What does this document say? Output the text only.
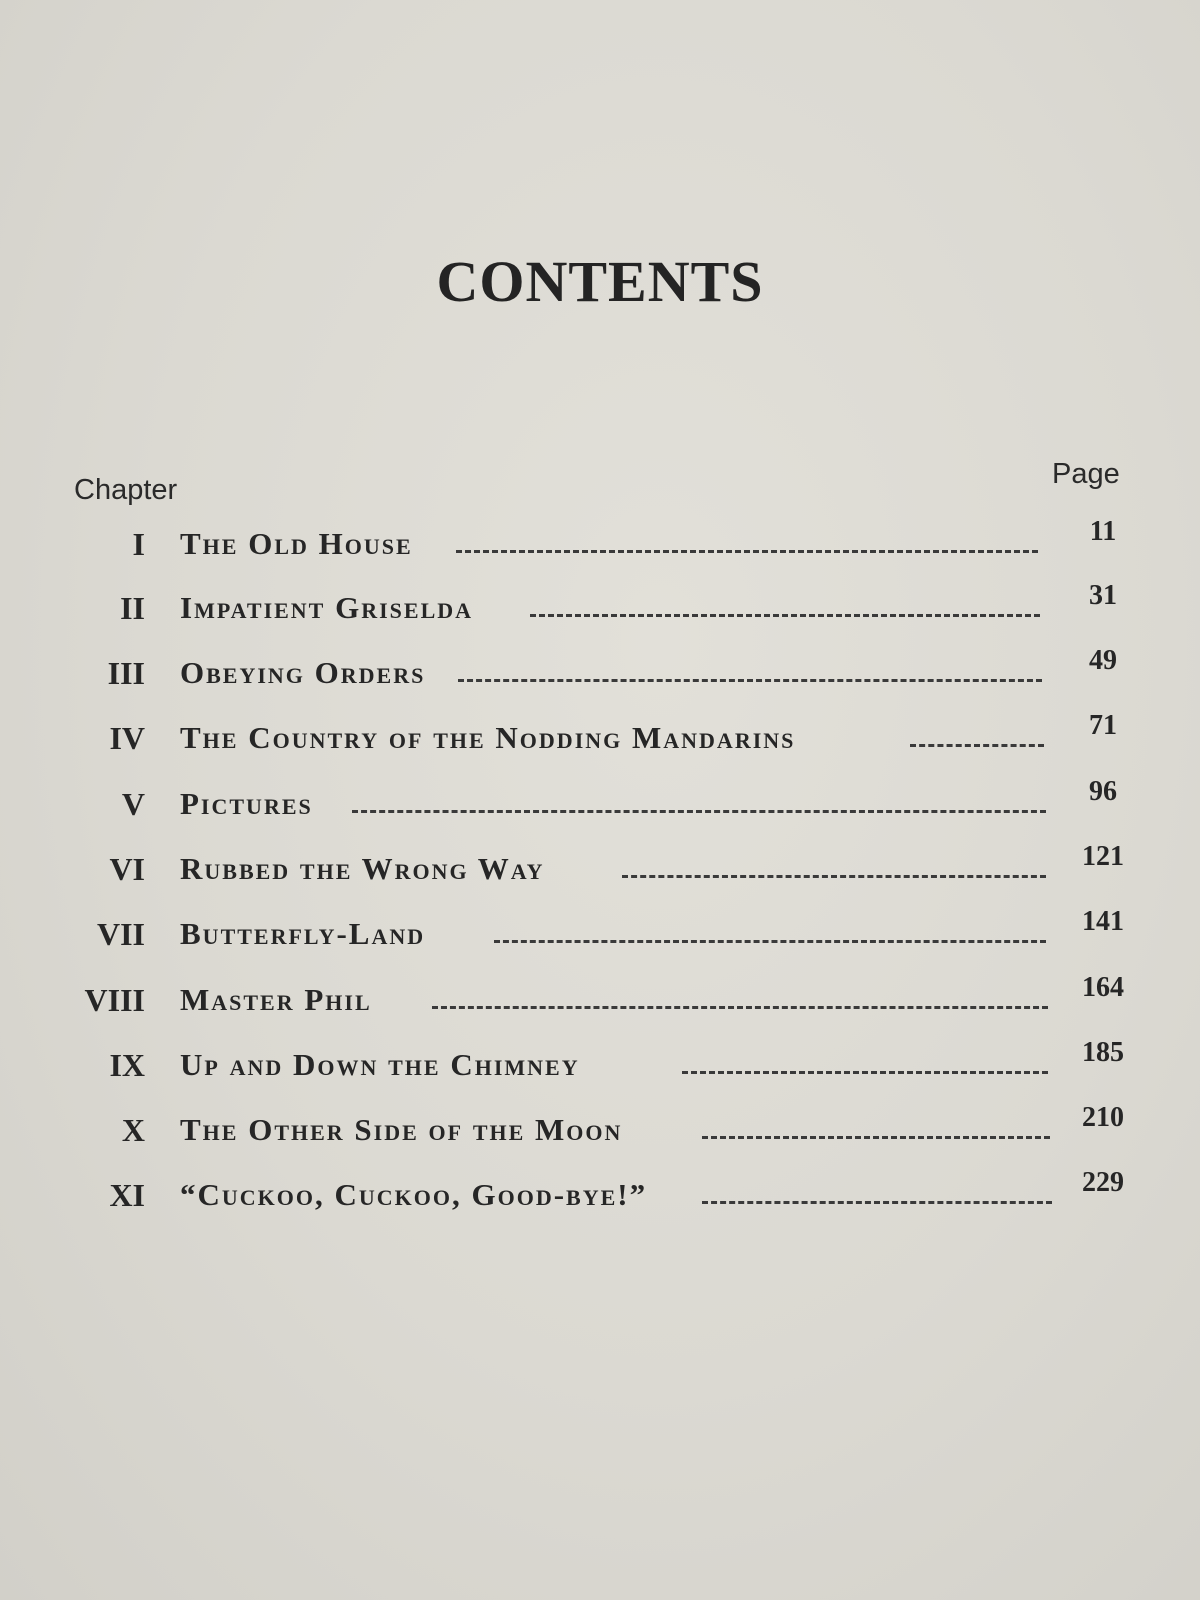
CONTENTS
Chapter	Page
I The Old House	11
II Impatient Griselda	31
III Obeying Orders	49
IV The Country of the Nodding Mandarins	71
V Pictures	96
VI Rubbed the Wrong Way	121
VII Butterfly-Land	141
VIII Master Phil	164
IX Up and Down the Chimney	185
X The Other Side of the Moon	210
XI “Cuckoo, Cuckoo, Good-bye!”	229
